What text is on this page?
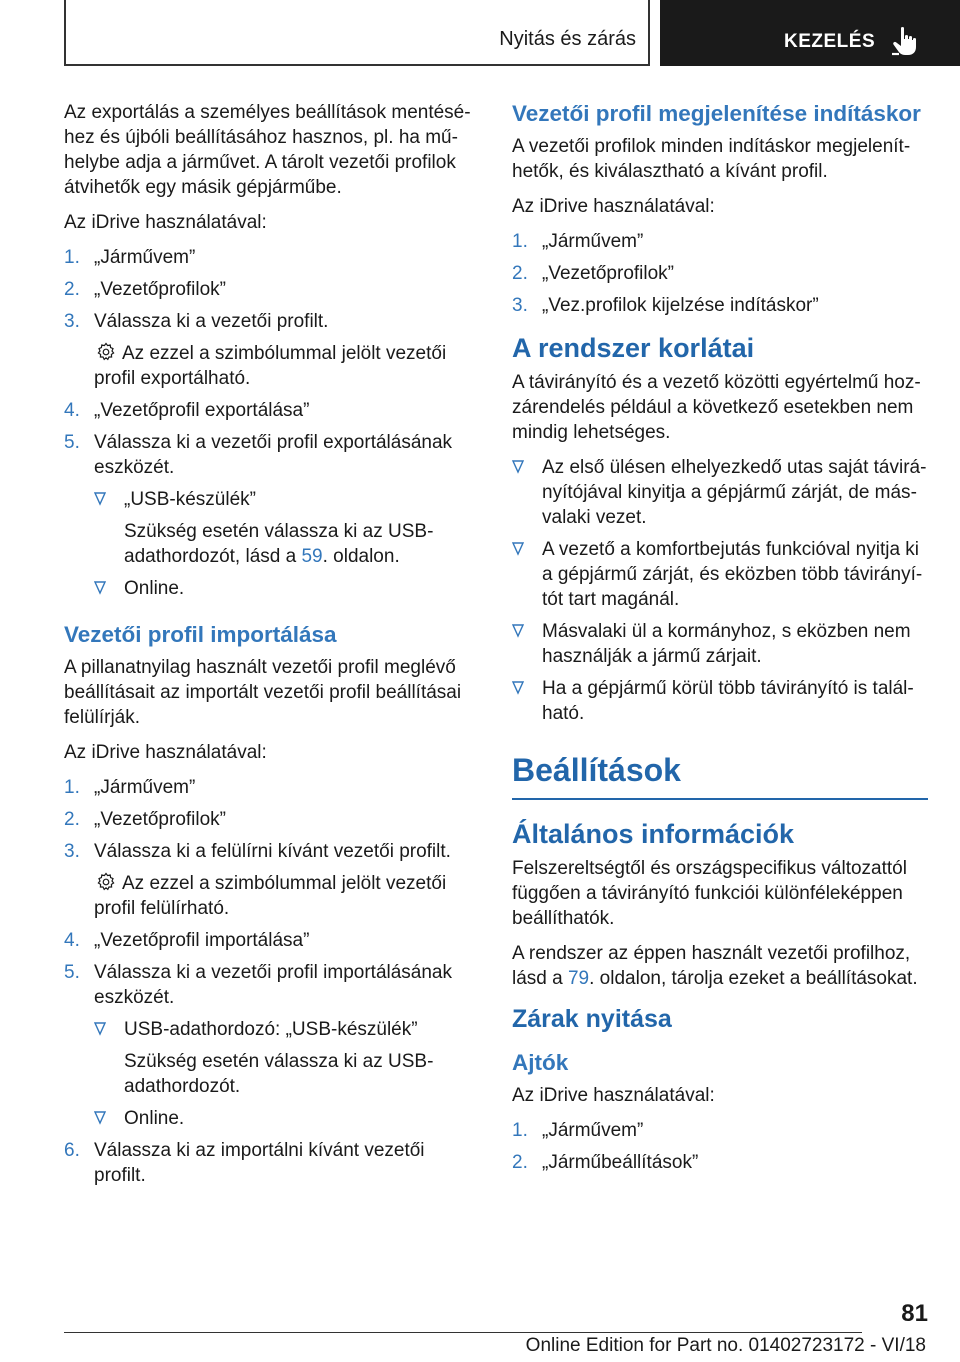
Nyitás és zárás	KEZELÉS

Az exportálás a személyes beállítások mentéséhez és újbóli beállításához hasznos, pl. ha műhelybe adja a járművet. A tárolt vezetői profilok átvihetők egy másik gépjárműbe.

Az iDrive használatával:

1. „Járművem”
2. „Vezetőprofilok”
3. Válassza ki a vezetői profilt.
Az ezzel a szimbólummal jelölt vezetői profil exportálható.
4. „Vezetőprofil exportálása”
5. Válassza ki a vezetői profil exportálásának eszközét.
„USB-készülék”
Szükség esetén válassza ki az USB-adathordozót, lásd a 59. oldalon.
Online.
Vezetői profil importálása

A pillanatnyilag használt vezetői profil meglévő beállításait az importált vezetői profil beállításai felülírják.

Az iDrive használatával:

1. „Járművem”
2. „Vezetőprofilok”
3. Válassza ki a felülírni kívánt vezetői profilt.
Az ezzel a szimbólummal jelölt vezetői profil felülírható.
4. „Vezetőprofil importálása”
5. Válassza ki a vezetői profil importálásának eszközét.
USB-adathordozó: „USB-készülék”
Szükség esetén válassza ki az USB-adathordozót.
Online.
6. Válassza ki az importálni kívánt vezetői profilt.
Vezetői profil megjelenítése indításkor

A vezetői profilok minden indításkor megjeleníthetők, és kiválasztható a kívánt profil.

Az iDrive használatával:

1. „Járművem”
2. „Vezetőprofilok”
3. „Vez.profilok kijelzése indításkor”
A rendszer korlátai

A távirányító és a vezető közötti egyértelmű hozzárendelés például a következő esetekben nem mindig lehetséges.

Az első ülésen elhelyezkedő utas saját távirányítójával kinyitja a gépjármű zárját, de másvalaki vezet.
A vezető a komfortbejutás funkcióval nyitja ki a gépjármű zárját, és eközben több távirányítót tart magánál.
Másvalaki ül a kormányhoz, s eközben nem használják a jármű zárjait.
Ha a gépjármű körül több távirányító is található.
Beállítások
Általános információk

Felszereltségtől és országspecifikus változattól függően a távirányító funkciói különféleképpen beállíthatók.

A rendszer az éppen használt vezetői profilhoz, lásd a 79. oldalon, tárolja ezeket a beállításokat.

Zárak nyitása
Ajtók

Az iDrive használatával:

1. „Járművem”
2. „Járműbeállítások”
81
Online Edition for Part no. 01402723172 - VI/18
